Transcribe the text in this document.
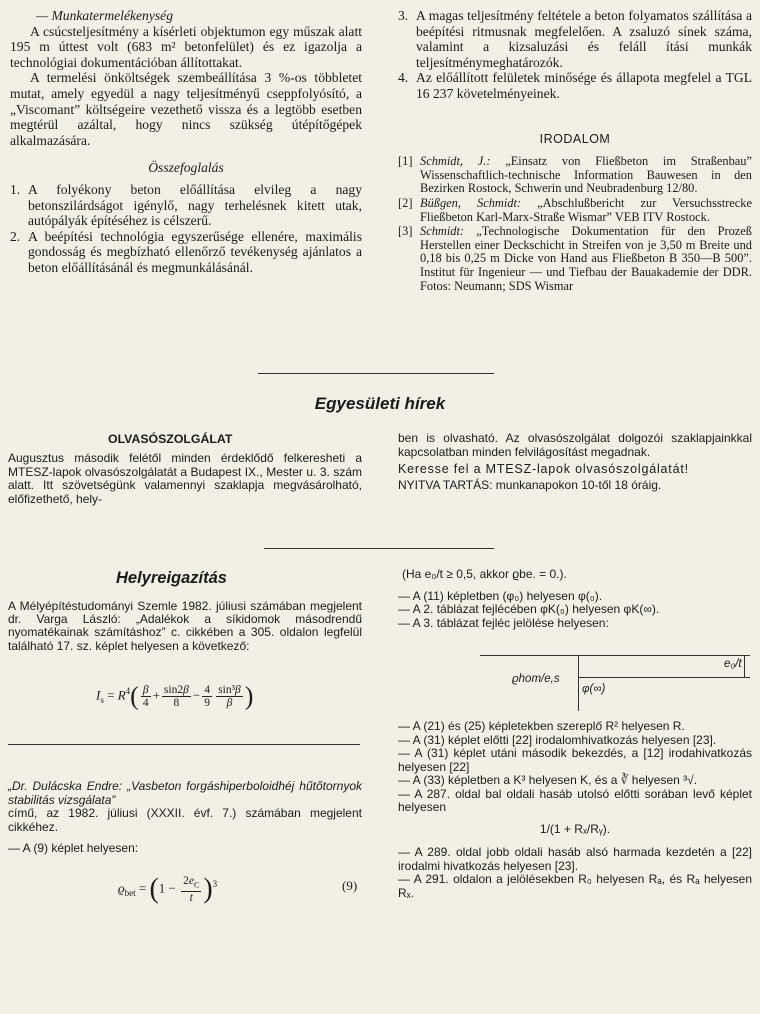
— Munkatermelékenység

A csúcsteljesítmény a kísérleti objektumon egy műszak alatt 195 m úttest volt (683 m² betonfelület) és ez igazolja a technológiai dokumentációban állítottakat.

A termelési önköltségek szembeállítása 3 %-os többletet mutat, amely egyedül a nagy teljesítményű cseppfolyósító, a „Viscomant” költségeire vezethető vissza és a legtöbb esetben megtérül azáltal, hogy nincs szükség útépítőgépek alkalmazására.

Összefoglalás
1. A folyékony beton előállítása elvileg a nagy betonszilárdságot igénylő, nagy terhelésnek kitett utak, autópályák építéséhez is célszerű.
2. A beépítési technológia egyszerűsége ellenére, maximális gondosság és megbízható ellenőrző tevékenység ajánlatos a beton előállításánál és megmunkálásánál.
3. A magas teljesítmény feltétele a beton folyamatos szállítása a beépítési ritmusnak megfelelően. A zsaluzó sínek száma, valamint a kizsaluzási és feláll ítási munkák teljesítménymeghatározók.
4. Az előállított felületek minősége és állapota megfelel a TGL 16 237 követelményeinek.
IRODALOM
[1] Schmidt, J.: „Einsatz von Fließbeton im Straßenbau” Wissenschaftlich-technische Information Bauwesen in den Bezirken Rostock, Schwerin und Neubradenburg 12/80.
[2] Büßgen, Schmidt: „Abschlußbericht zur Versuchsstrecke Fließbeton Karl-Marx-Straße Wismar” VEB ITV Rostock.
[3] Schmidt: „Technologische Dokumentation für den Prozeß Herstellen einer Deckschicht in Streifen von je 3,50 m Breite und 0,18 bis 0,25 m Dicke von Hand aus Fließbeton B 350—B 500”. Institut für Ingenieur — und Tiefbau der Bauakademie der DDR. Fotos: Neumann; SDS Wismar
Egyesületi hírek
OLVASÓSZOLGÁLAT
Augusztus második felétől minden érdeklődő felkeresheti a MTESZ-lapok olvasószolgálatát a Budapest IX., Mester u. 3. szám alatt. Itt szövetségünk valamennyi szaklapja megvásárolható, előfizethető, hely-
ben is olvasható. Az olvasószolgálat dolgozói szaklapjainkkal kapcsolatban minden felvilágosítást megadnak.
Keresse fel a MTESZ-lapok olvasószolgálatát!
NYITVA TARTÁS: munkanapokon 10-től 18 óráig.
Helyreigazítás
A Mélyépítéstudományi Szemle 1982. júliusi számában megjelent dr. Varga László: „Adalékok a síkidomok másodrendű nyomatékainak számításhoz” c. cikkében a 305. oldalon legfelül található 17. sz. képlet helyesen a következő:
$I_s = R^4( \frac{\beta}{4} + \frac{\sin 2\beta}{8} - \frac{4}{9} \frac{\text{sin³β}}{\beta}$ )
„Dr. Dulácska Endre: „Vasbeton forgáshiperboloidhéj hűtőtornyok stabilitás vizsgálata”
című, az 1982. júliusi (XXXII. évf. 7.) számában megjelent cikkéhez.
— A (9) képlet helyesen:
$ϱ_{bet} = (1 - \frac{2e_C}{t} )^3$	(9)
(Ha e₀/t ≥ 0,5, akkor ϱbe. = 0.).
— A (11) képletben (φ₀) helyesen φ(₀).
— A 2. táblázat fejlécében φK(₀) helyesen φK(∞).
— A 3. táblázat fejléc jelölése helyesen:
e₀/t
ϱhom/e,s
φ(∞)
— A (21) és (25) képletekben szereplő R² helyesen R.
— A (31) képlet előtti [22] irodalomhivatkozás helyesen [23].
— A (31) képlet utáni második bekezdés, a [12] irodahivatkozás helyesen [22]
— A (33) képletben a K³ helyesen K, és a ∛ helyesen ³√.
— A 287. oldal bal oldali hasáb utolsó előtti sorában levő képlet helyesen
1/(1 + Rₓ/Rᵧ).
— A 289. oldal jobb oldali hasáb alsó harmada kezdetén a [22] irodalmi hivatkozás helyesen [23].
— A 291. oldalon a jelölésekben R₀ helyesen Rₐ, és Rₐ helyesen Rₓ.
